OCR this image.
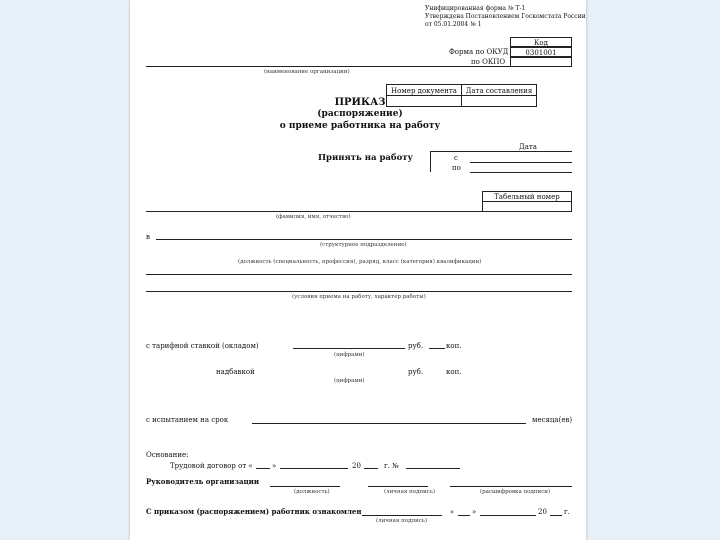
Унифицированная форма № Т-1
Утверждена Постановлением Госкомстата России
от 05.01.2004 № 1
Код
Форма по ОКУД	0301001
по ОКПО
(наименование организации)
Номер документа	Дата составления
ПРИКАЗ
(распоряжение)
о приеме работника на работу
Дата
Принять на работу	с
по
Табельный номер
(фамилия, имя, отчество)
в
(структурное подразделение)
(должность (специальность, профессия), разряд, класс (категория) квалификации)
(условия приема на работу, характер работы)
с тарифной ставкой (окладом)	руб.	коп.
(цифрами)
надбавкой	руб.	коп.
(цифрами)
с испытанием на срок	месяца(ев)
Основание:
Трудовой договор от «	»	20	г. №
Руководитель организации
(должность)	(личная подпись)	(расшифровка подписи)
С приказом (распоряжением) работник ознакомлен
(личная подпись)
«	»	20 г.
